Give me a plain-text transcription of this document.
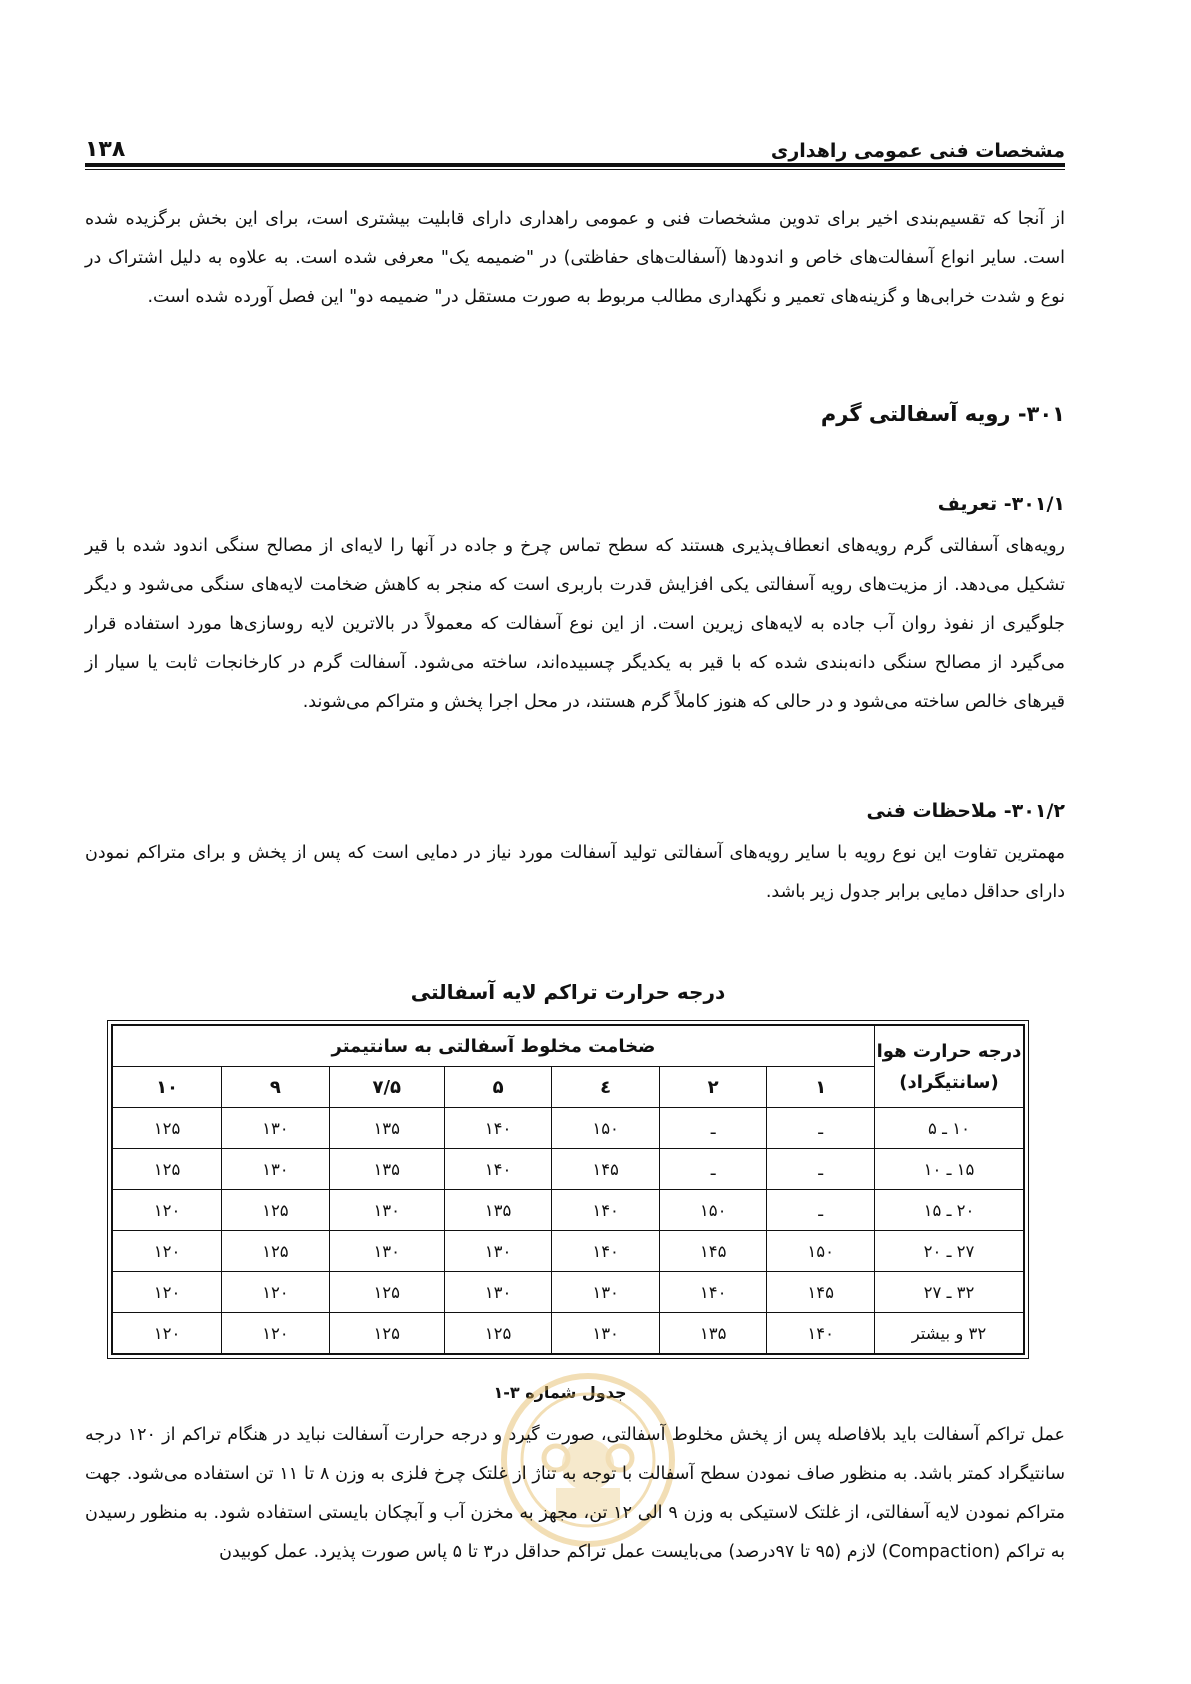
مشخصات فنی عمومی راهداری
۱۳۸

از آنجا که تقسیم‌بندی اخیر برای تدوین مشخصات فنی و عمومی راهداری دارای قابلیت بیشتری است، برای این بخش برگزیده شده است. سایر انواع آسفالت‌های خاص و اندودها (آسفالت‌های حفاظتی) در "ضمیمه یک" معرفی شده است. به علاوه به دلیل اشتراک در نوع و شدت خرابی‌ها و گزینه‌های تعمیر و نگهداری مطالب مربوط به صورت مستقل در" ضمیمه دو" این فصل آورده شده است.

۳۰۱- رویه آسفالتی گرم
۳۰۱/۱- تعریف

رویه‌های آسفالتی گرم رویه‌های انعطاف‌پذیری هستند که سطح تماس چرخ و جاده در آنها را لایه‌ای از مصالح سنگی اندود شده با قیر تشکیل می‌دهد. از مزیت‌های رویه آسفالتی یکی افزایش قدرت باربری است که منجر به کاهش ضخامت لایه‌های سنگی می‌شود و دیگر جلوگیری از نفوذ روان آب جاده به لایه‌های زیرین است. از این نوع آسفالت که معمولاً در بالاترین لایه روسازی‌ها مورد استفاده قرار می‌گیرد از مصالح سنگی دانه‌بندی شده که با قیر به یکدیگر چسبیده‌اند، ساخته می‌شود. آسفالت گرم در کارخانجات ثابت یا سیار از قیرهای خالص ساخته می‌شود و در حالی که هنوز کاملاً گرم هستند، در محل اجرا پخش و متراکم می‌شوند.

۳۰۱/۲- ملاحظات فنی

مهمترین تفاوت این نوع رویه با سایر رویه‌های آسفالتی تولید آسفالت مورد نیاز در دمایی است که پس از پخش و برای متراکم نمودن دارای حداقل دمایی برابر جدول زیر باشد.

درجه حرارت تراکم لایه آسفالتی
درجه حرارت هوا
(سانتیگراد)	ضخامت مخلوط آسفالتی به سانتیمتر						
	۱	۲	٤	۵	۷/۵	۹	۱۰
۱۰ ـ ۵	ـ	ـ	۱۵۰	۱۴۰	۱۳۵	۱۳۰	۱۲۵
۱۵ ـ ۱۰	ـ	ـ	۱۴۵	۱۴۰	۱۳۵	۱۳۰	۱۲۵
۲۰ ـ ۱۵	ـ	۱۵۰	۱۴۰	۱۳۵	۱۳۰	۱۲۵	۱۲۰
۲۷ ـ ۲۰	۱۵۰	۱۴۵	۱۴۰	۱۳۰	۱۳۰	۱۲۵	۱۲۰
۳۲ ـ ۲۷	۱۴۵	۱۴۰	۱۳۰	۱۳۰	۱۲۵	۱۲۰	۱۲۰
۳۲ و بیشتر	۱۴۰	۱۳۵	۱۳۰	۱۲۵	۱۲۵	۱۲۰	۱۲۰
جدول شماره ۳-۱

عمل تراکم آسفالت باید بلافاصله پس از پخش مخلوط آسفالتی، صورت گیرد و درجه حرارت آسفالت نباید در هنگام تراکم از ۱۲۰ درجه سانتیگراد کمتر باشد. به منظور صاف نمودن سطح آسفالت با توجه به تناژ از غلتک چرخ فلزی به وزن ۸ تا ۱۱ تن استفاده می‌شود. جهت متراکم نمودن لایه آسفالتی، از غلتک لاستیکی به وزن ۹ الی ۱۲ تن، مجهز به مخزن آب و آبچکان بایستی استفاده شود. به منظور رسیدن به تراکم (Compaction) لازم (۹۵ تا ۹۷درصد) می‌بایست عمل تراکم حداقل در۳ تا ۵ پاس صورت پذیرد. عمل کوبیدن
